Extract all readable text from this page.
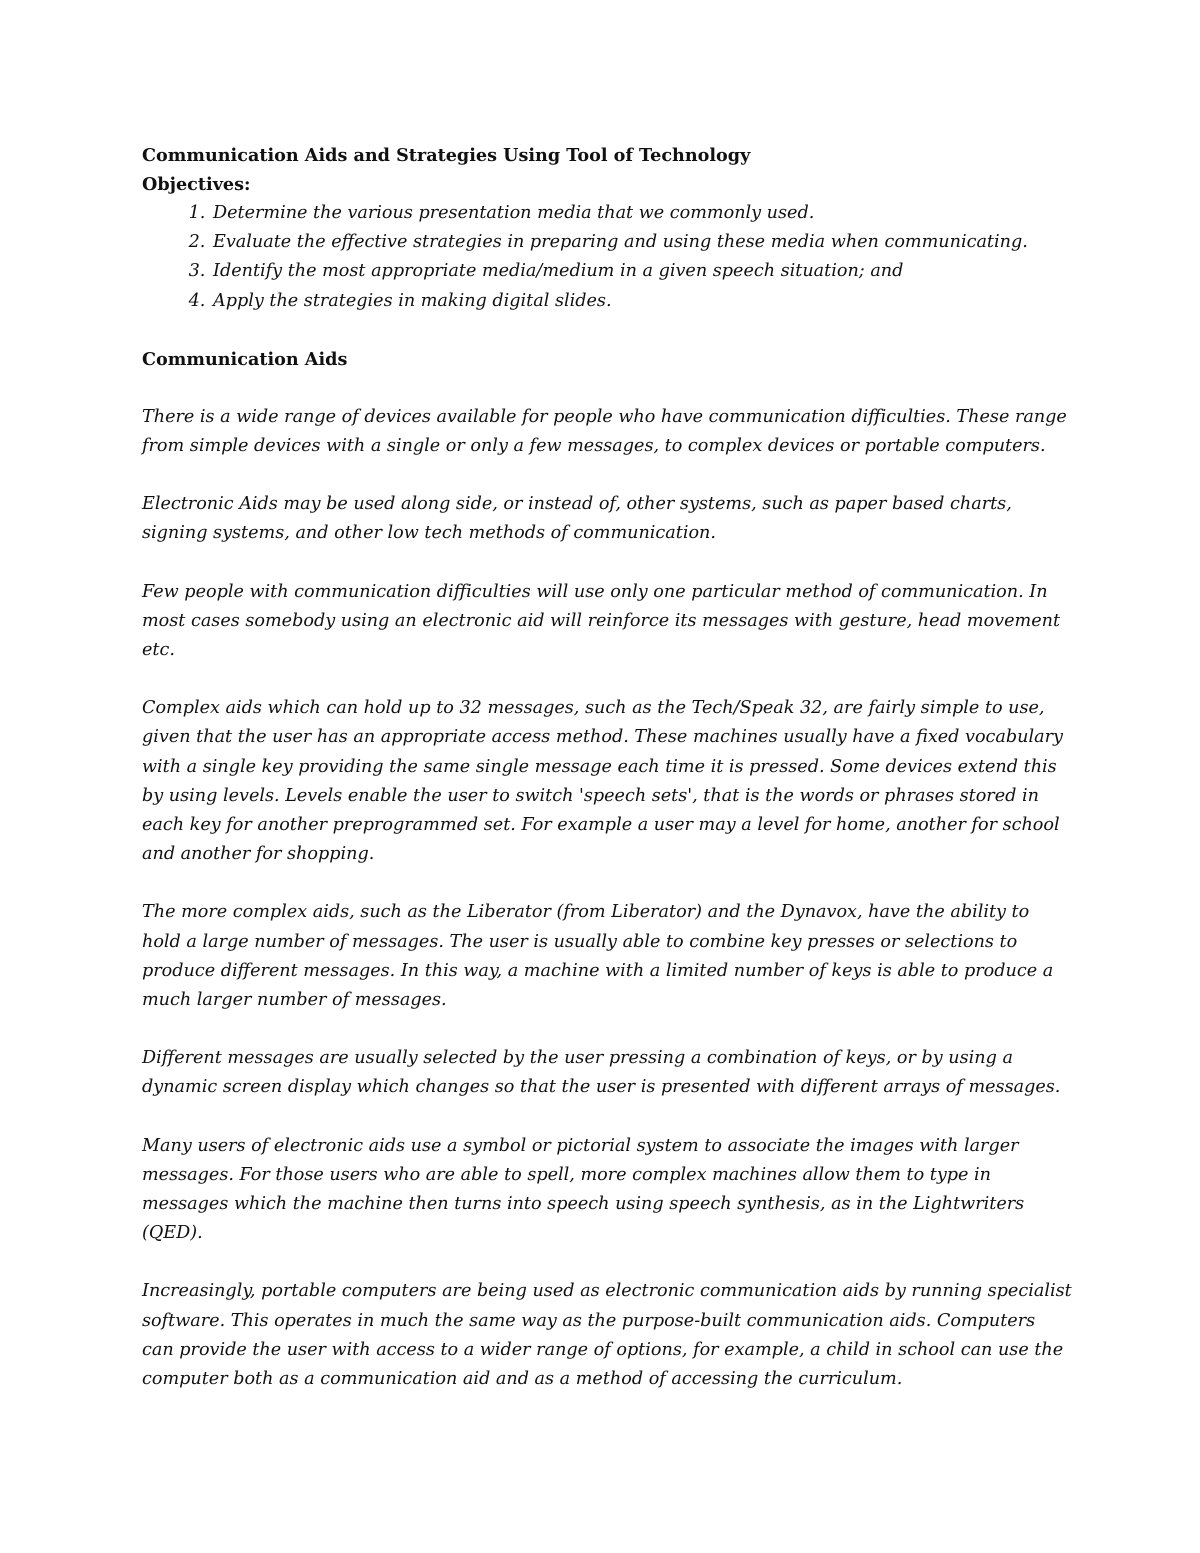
Communication Aids and Strategies Using Tool of Technology
Objectives:
1. Determine the various presentation media that we commonly used.
2. Evaluate the effective strategies in preparing and using these media when communicating.
3. Identify the most appropriate media/medium in a given speech situation; and
4. Apply the strategies in making digital slides.
Communication Aids

There is a wide range of devices available for people who have communication difficulties. These range from simple devices with a single or only a few messages, to complex devices or portable computers.

Electronic Aids may be used along side, or instead of, other systems, such as paper based charts, signing systems, and other low tech methods of communication.

Few people with communication difficulties will use only one particular method of communication. In most cases somebody using an electronic aid will reinforce its messages with gesture, head movement etc.

Complex aids which can hold up to 32 messages, such as the Tech/Speak 32, are fairly simple to use, given that the user has an appropriate access method. These machines usually have a fixed vocabulary with a single key providing the same single message each time it is pressed. Some devices extend this by using levels. Levels enable the user to switch 'speech sets', that is the words or phrases stored in each key for another preprogrammed set. For example a user may a level for home, another for school and another for shopping.

The more complex aids, such as the Liberator (from Liberator) and the Dynavox, have the ability to hold a large number of messages. The user is usually able to combine key presses or selections to produce different messages. In this way, a machine with a limited number of keys is able to produce a much larger number of messages.

Different messages are usually selected by the user pressing a combination of keys, or by using a dynamic screen display which changes so that the user is presented with different arrays of messages.

Many users of electronic aids use a symbol or pictorial system to associate the images with larger messages. For those users who are able to spell, more complex machines allow them to type in messages which the machine then turns into speech using speech synthesis, as in the Lightwriters (QED).

Increasingly, portable computers are being used as electronic communication aids by running specialist software. This operates in much the same way as the purpose-built communication aids. Computers can provide the user with access to a wider range of options, for example, a child in school can use the computer both as a communication aid and as a method of accessing the curriculum.
